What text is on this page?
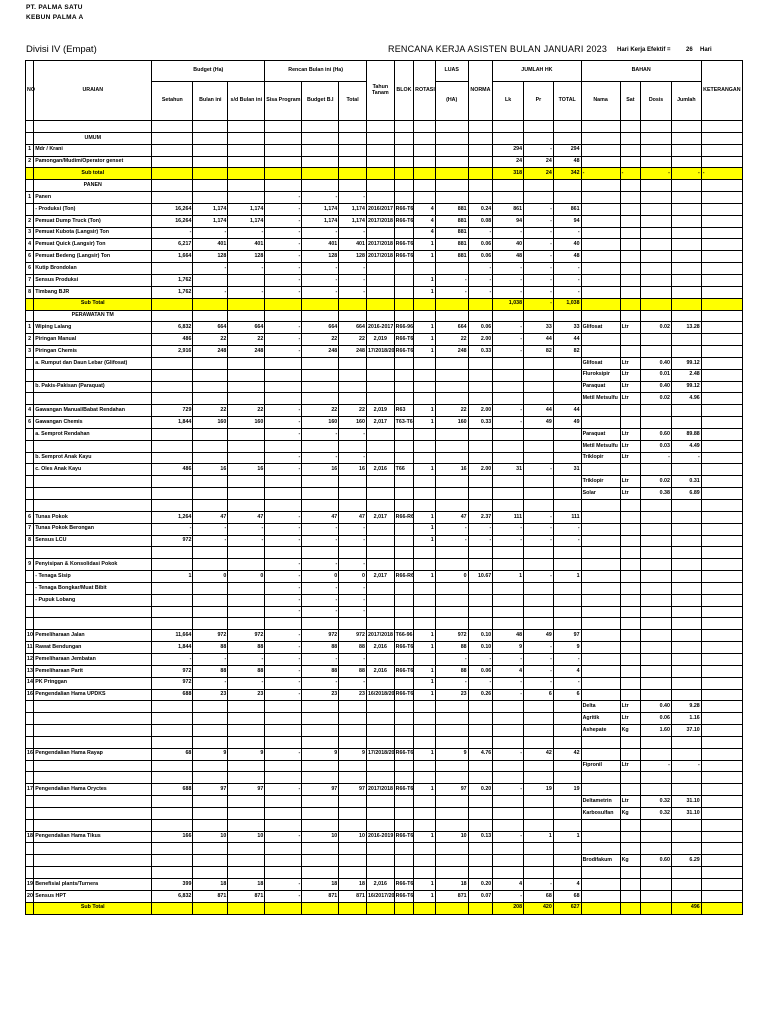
PT. PALMA SATU
KEBUN PALMA A
Divisi IV (Empat)	RENCANA KERJA ASISTEN BULAN JANUARI 2023 Hari Kerja Efektif =	26 Hari
NO	URAIAN	Budget (Ha)			Rencan Bulan ini (Ha)			Tahun Tanam	BLOK	ROTASI	LUAS	NORMA	JUMLAH HK			BAHAN				KETERANGAN
		Setahun	Bulan ini	s/d Bulan ini	Sisa Program	Budget B.I	Total				(HA)		Lk	Pr	TOTAL	Nama	Sat	Dosis	Jumlah	

	UMUM																			
1	Mdr / Krani												294	-	294					
2	Pamongan/Mudim/Operator genset												24	24	48					
	Sub total												318	24	342	-	-	-	-	-
	PANEN																			
1	Panen				-	-	-													
	- Produksi (Ton)	16,264	1,174	1,174	-	1,174	1,174	2016/2017	R66-T6	4	881	0.24	861	-	861					
2	Pemuat Dump Truck (Ton)	16,264	1,174	1,174	-	1,174	1,174	2017/2018	R66-T6	4	881	0.08	94	-	94					
3	Pemuat Kubota (Langsir) Ton	-	-	-	-	-	-			4	881	-	-	-	-					
4	Pemuat Quick (Langsir) Ton	6,217	401	401	-	401	401	2017/2018	R66-T6	1	881	0.06	40	-	40					
6	Pemuat Bedeng (Langsir) Ton	1,664	128	128	-	128	128	2017/2018	R66-T6	1	881	0.06	48	-	48					
6	Kutip Brondolan		-	-	-	-	-					-	-	-	-					
7	Sensus Produksi	1,762			-	-	-			1	-	-	-	-	-					
8	Timbang BJR	1,762	-	-	-	-	-			1	-	-	-	-	-					
	Sub Total												1,038	-	1,038					
	PERAWATAN TM																			
1	Wiping Lalang	6,832	664	664	-	664	664	2016-2017	R66-96	1	664	0.06	-	33	33	Glifosat	Ltr	0.02	13.28	
2	Piringan Manual	486	22	22	-	22	22	2,019	R66-T6	1	22	2.00	-	44	44					
3	Piringan Chemis	2,916	248	248	-	248	248	17/2018/20	R66-T6	1	248	0.33	-	82	82					
	a. Rumput dan Daun Lebar (Glifosat)															Glifosat	Ltr	0.40	99.12	
																Fluroksipir	Ltr	0.01	2.48	
	b. Pakis-Pakisan (Paraquat)															Paraquat	Ltr	0.40	99.12	
																Metil Metsulfu	Ltr	0.02	4.96	
4	Gawangan Manual/Babat Rendahan	729	22	22	-	22	22	2,019	R63	1	22	2.00	-	44	44					
6	Gawangan Chemis	1,844	160	160	-	160	160	2,017	T63-T6	1	160	0.33	-	49	49					
	a. Semprot Rendahan				-	-	-									Paraquat	Ltr	0.60	89.88	
																Metil Metsulfu	Ltr	0.03	4.49	
	b. Semprot Anak Kayu				-	-	-									Triklopir	Ltr	-	-	
	c. Oles Anak Kayu	486	16	16	-	16	16	2,016	T66	1	16	2.00	31	-	31					
																Triklopir	Ltr	0.02	0.31	
																Solar	Ltr	0.38	6.89	

6	Tunas Pokok	1,264	47	47	-	47	47	2,017	R66-R6	1	47	2.37	111	-	111					
7	Tunas Pokok Berongan	-	-	-	-	-	-			1	-	-	-	-	-					
8	Sensus LCU	972	-	-	-	-	-			1	-	-	-	-	-					

9	Penyisipan & Konsolidasi Pokok				-	-	-													
	- Tenaga Sisip	1	0	0	-	0	0	2,017	R66-R6	1	0	10.67	1	-	1					
	- Tenaga Bongkar/Muat Bibit				-	-	-													
	- Pupuk Lobang				-	-	-													
					-	-	-													

10	Pemeliharaan Jalan	11,664	972	972	-	972	972	2017/2018	T66-96	1	972	0.10	48	49	97					
11	Rawat Bendungan	1,844	88	88	-	88	88	2,016	R66-T6	1	88	0.10	9	-	9					
12	Pemeliharaan Jembatan	-	-	-	-	-	-				-	-	-	-	-					
13	Pemeliharaan Parit	972	88	88	-	88	88	2,016	R66-T6	1	88	0.06	4	-	4					
14	PK Pringgan	972	-	-	-	-	-			1	-	-	-	-	-					
16	Pengendalian Hama UPDKS	688	23	23	-	23	23	16/2018/20	R66-T6	1	23	0.26	-	6	6					
																Delta	Ltr	0.40	9.28	
																Agritik	Ltr	0.06	1.16	
																Ashepate	Kg	1.60	37.10	

16	Pengendalian Hama Rayap	68	9	9	-	9	9	17/2018/20	R66-T6	1	9	4.76	-	42	42					
																Fipronil	Ltr	-	-	

17	Pengendalian Hama Oryctes	688	97	97	-	97	97	2017/2018	R66-T6	1	97	0.20	-	19	19					
																Deltametrin	Ltr	0.32	31.10	
																Karbosulfan	Kg	0.32	31.10	

18	Pengendalian Hama Tikus	166	10	10	-	10	10	2016-2019	R66-T6	1	10	0.13	-	1	1					

																Brodifakum	Kg	0.60	6.29	

19	Benefisial plants/Turnera	399	18	18	-	18	18	2,016	R66-T6	1	18	0.20	4	-	4					
20	Sensus HPT	6,832	871	871	-	871	871	16/2017/20	R66-T6	1	871	0.07	-	68	68					
	Sub Total												208	420	627				496	
